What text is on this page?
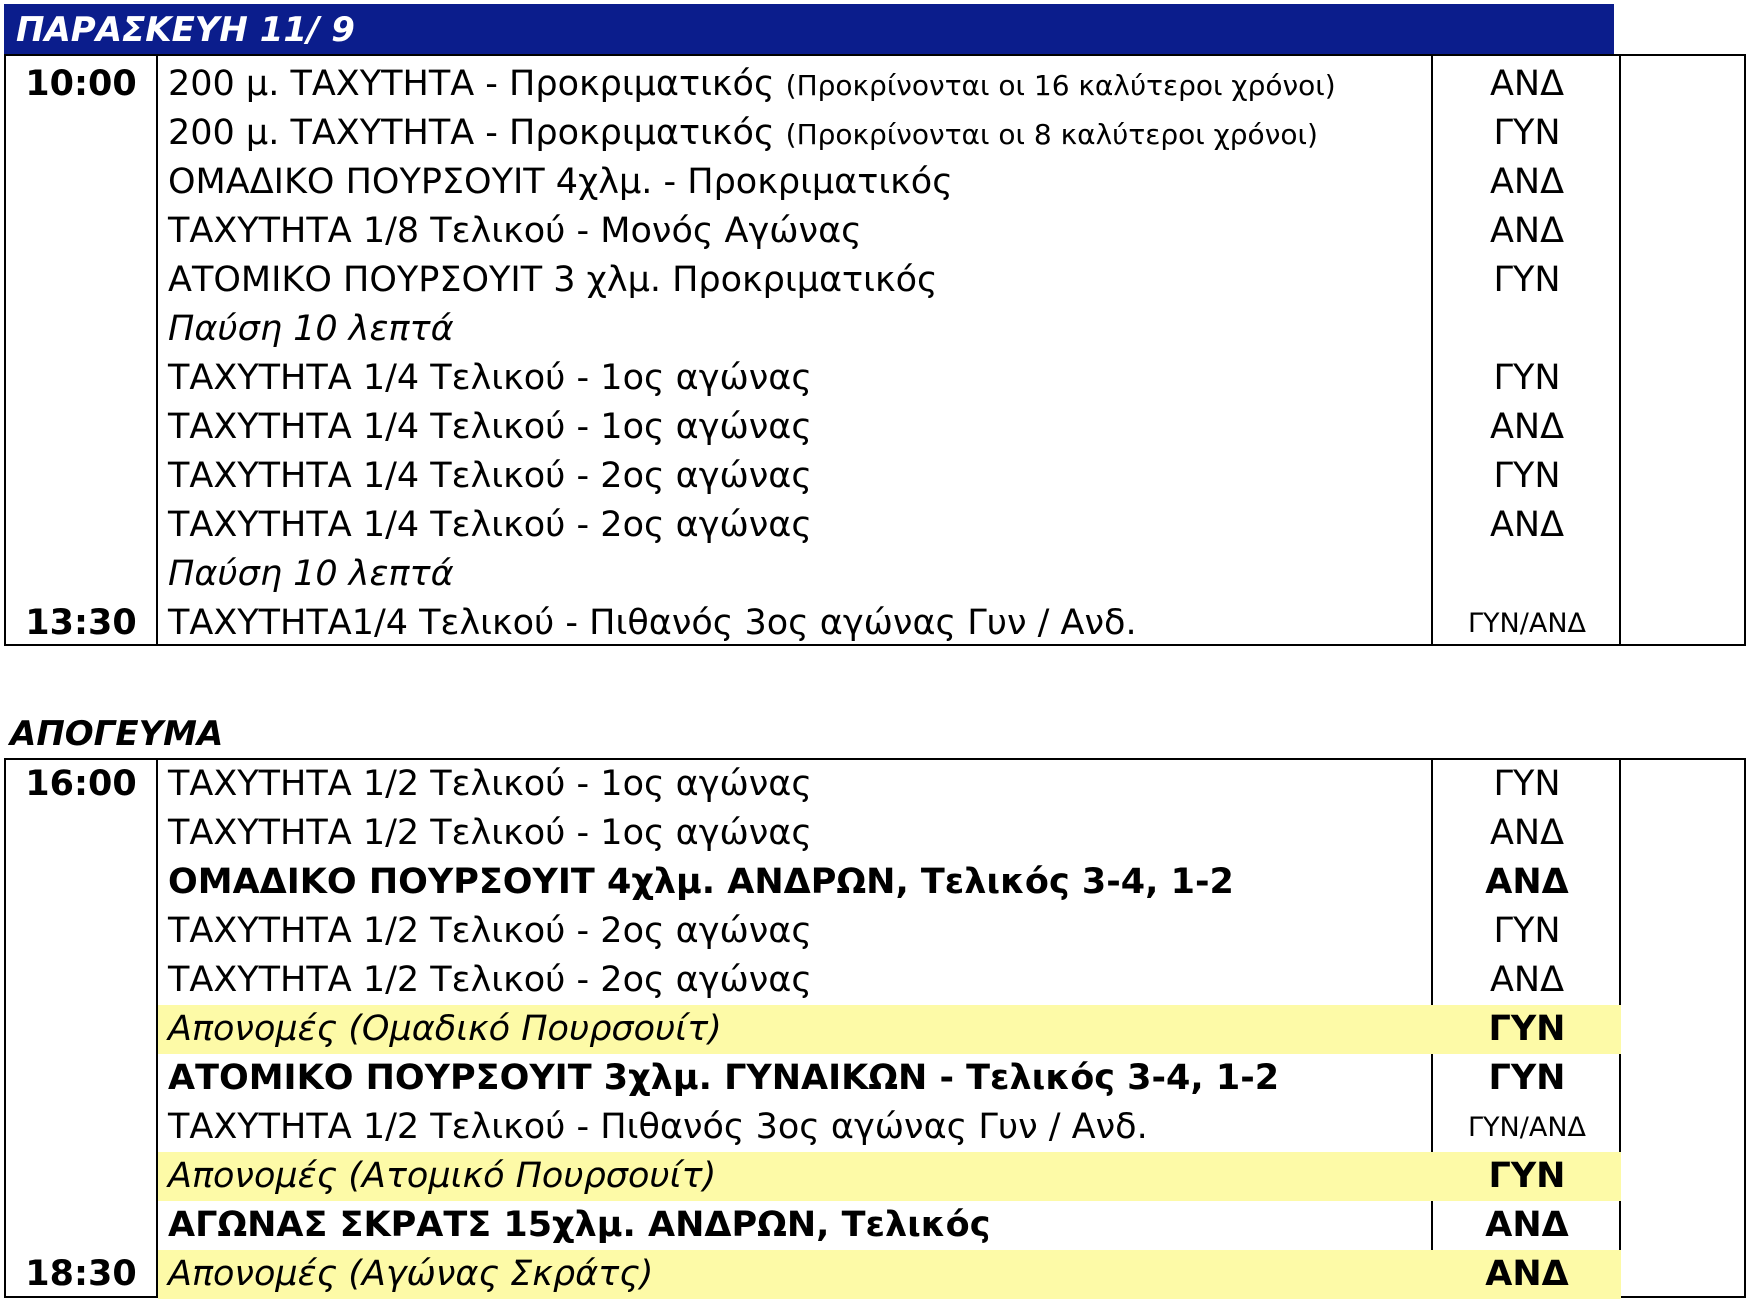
ΠΑΡΑΣΚΕΥΗ 11/ 9
10:00 200 μ. ΤΑΧΥΤΗΤΑ - Προκριματικός (Προκρίνονται οι 16 καλύτεροι χρόνοι)	ΑΝΔ
200 μ. ΤΑΧΥΤΗΤΑ - Προκριματικός (Προκρίνονται οι 8 καλύτεροι χρόνοι)	ΓΥΝ
ΟΜΑΔΙΚΟ ΠΟΥΡΣΟΥΙΤ 4χλμ. - Προκριματικός	ΑΝΔ
ΤΑΧΥΤΗΤΑ 1/8 Τελικού - Μονός Αγώνας	ΑΝΔ
ΑΤΟΜΙΚΟ ΠΟΥΡΣΟΥΙΤ 3 χλμ. Προκριματικός	ΓΥΝ
Παύση 10 λεπτά
ΤΑΧΥΤΗΤΑ 1/4 Τελικού - 1ος αγώνας	ΓΥΝ
ΤΑΧΥΤΗΤΑ 1/4 Τελικού - 1ος αγώνας	ΑΝΔ
ΤΑΧΥΤΗΤΑ 1/4 Τελικού - 2ος αγώνας	ΓΥΝ
ΤΑΧΥΤΗΤΑ 1/4 Τελικού - 2ος αγώνας	ΑΝΔ
Παύση 10 λεπτά
13:30 ΤΑΧΥΤΗΤΑ1/4 Τελικού - Πιθανός 3ος αγώνας Γυν / Ανδ.	ΓΥΝ/ΑΝΔ
ΑΠΟΓΕΥΜΑ
16:00 ΤΑΧΥΤΗΤΑ 1/2 Τελικού - 1ος αγώνας	ΓΥΝ
ΤΑΧΥΤΗΤΑ 1/2 Τελικού - 1ος αγώνας	ΑΝΔ
ΟΜΑΔΙΚΟ ΠΟΥΡΣΟΥΙΤ 4χλμ. ΑΝΔΡΩΝ, Τελικός 3-4, 1-2	ΑΝΔ
ΤΑΧΥΤΗΤΑ 1/2 Τελικού - 2ος αγώνας	ΓΥΝ
ΤΑΧΥΤΗΤΑ 1/2 Τελικού - 2ος αγώνας	ΑΝΔ
Απονομές (Ομαδικό Πουρσουίτ)	ΓΥΝ
ΑΤΟΜΙΚΟ ΠΟΥΡΣΟΥΙΤ 3χλμ. ΓΥΝΑΙΚΩΝ - Τελικός 3-4, 1-2	ΓΥΝ
ΤΑΧΥΤΗΤΑ 1/2 Τελικού - Πιθανός 3ος αγώνας Γυν / Ανδ.	ΓΥΝ/ΑΝΔ
Απονομές (Ατομικό Πουρσουίτ)	ΓΥΝ
ΑΓΩΝΑΣ ΣΚΡΑΤΣ 15χλμ. ΑΝΔΡΩΝ, Τελικός	ΑΝΔ
18:30 Απονομές (Αγώνας Σκράτς)	ΑΝΔ
